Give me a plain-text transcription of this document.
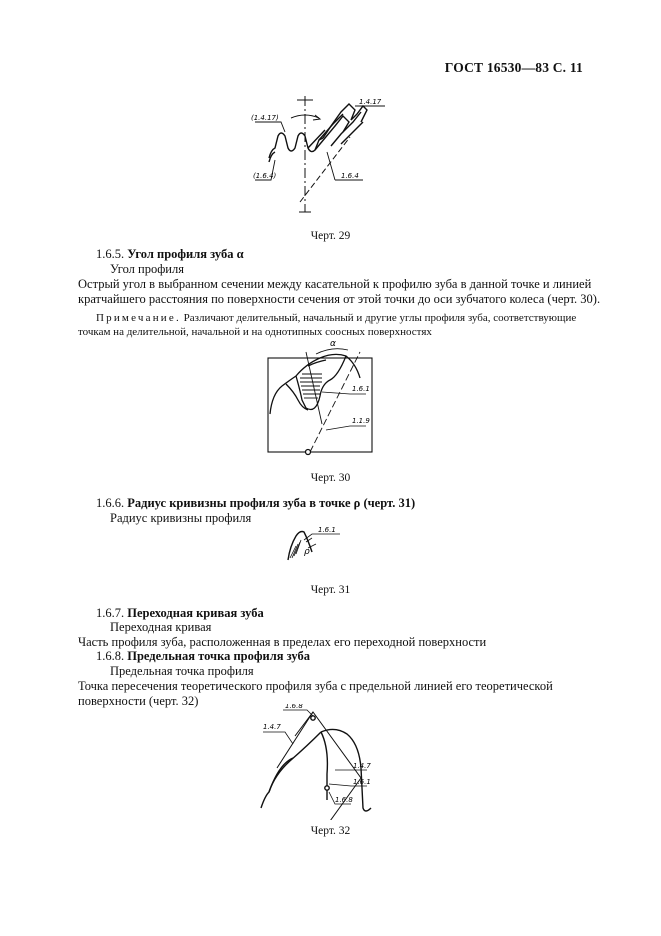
ГОСТ 16530—83 С. 11
(1.4.17)
1.4.17
(1.6.4)	1.6.4
Черт. 29
1.6.5. Угол профиля зуба α
Угол профиля
Острый угол в выбранном сечении между касательной к профилю зуба в данной точке и линией
кратчайшего расстояния по поверхности сечения от этой точки до оси зубчатого колеса (черт. 30).
Примечание. Различают делительный, начальный и другие углы профиля зуба, соответствующие
точкам на делительной, начальной и на однотипных соосных поверхностях
α
1.6.1
1.1.9
Черт. 30
1.6.6. Радиус кривизны профиля зуба в точке ρ (черт. 31)
Радиус кривизны профиля
1.6.1
ρ
Черт. 31
1.6.7. Переходная кривая зуба
Переходная кривая
Часть профиля зуба, расположенная в пределах его переходной поверхности
1.6.8. Предельная точка профиля зуба
Предельная точка профиля
Точка пересечения теоретического профиля зуба с предельной линией его теоретической
поверхности (черт. 32)	1.6.8
1.4.7
1.4.7
1.6.1
1.6.8
Черт. 32
